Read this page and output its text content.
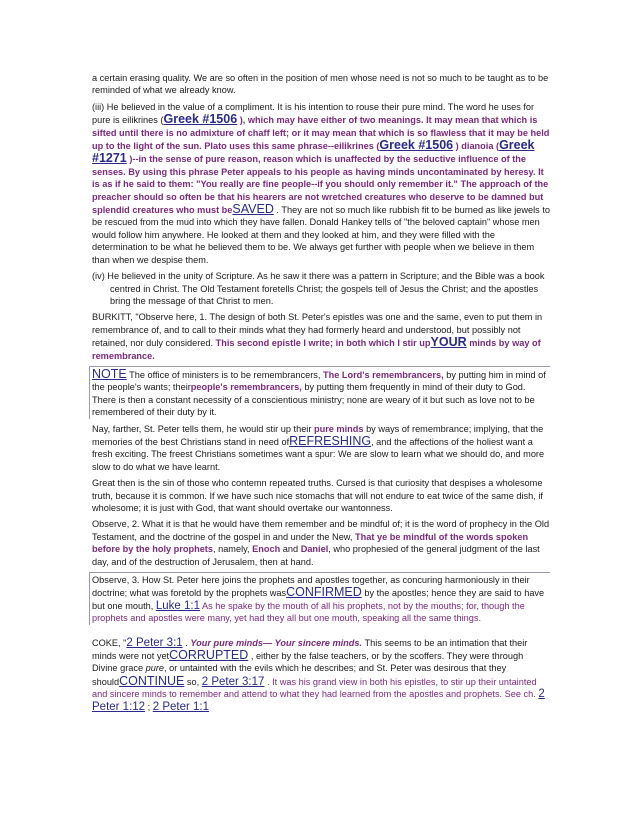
a certain erasing quality. We are so often in the position of men whose need is not so much to be taught as to be reminded of what we already know.

(iii) He believed in the value of a compliment. It is his intention to rouse their pure mind. The word he uses for pure is eilikrines (Greek #1506 ), which may have either of two meanings. It may mean that which is sifted until there is no admixture of chaff left; or it may mean that which is so flawless that it may be held up to the light of the sun. Plato uses this same phrase--eilikrines (Greek #1506 ) dianoia (Greek #1271 )--in the sense of pure reason, reason which is unaffected by the seductive influence of the senses. By using this phrase Peter appeals to his people as having minds uncontaminated by heresy. It is as if he said to them: "You really are fine people--if you should only remember it." The approach of the preacher should so often be that his hearers are not wretched creatures who deserve to be damned but splendid creatures who must beSAVED . They are not so much like rubbish fit to be burned as like jewels to be rescued from the mud into which they have fallen. Donald Hankey tells of "the beloved captain" whose men would follow him anywhere. He looked at them and they looked at him, and they were filled with the determination to be what he believed them to be. We always get further with people when we believe in them than when we despise them.

(iv) He believed in the unity of Scripture. As he saw it there was a pattern in Scripture; and the Bible was a book centred in Christ. The Old Testament foretells Christ; the gospels tell of Jesus the Christ; and the apostles bring the message of that Christ to men.

BURKITT, "Observe here, 1. The design of both St. Peter's epistles was one and the same, even to put them in remembrance of, and to call to their minds what they had formerly heard and understood, but possibly not retained, nor duly considered. This second epistle I write; in both which I stir upYOUR minds by way of remembrance.

NOTE The office of ministers is to be remembrancers, The Lord's remembrancers, by putting him in mind of the people's wants; theirpeople's remembrancers, by putting them frequently in mind of their duty to God. There is then a constant necessity of a conscientious ministry; none are weary of it but such as love not to be remembered of their duty by it.

Nay, farther, St. Peter tells them, he would stir up their pure minds by ways of remembrance; implying, that the memories of the best Christians stand in need ofREFRESHING, and the affections of the holiest want a fresh exciting. The freest Christians sometimes want a spur: We are slow to learn what we should do, and more slow to do what we have learnt.

Great then is the sin of those who contemn repeated truths. Cursed is that curiosity that despises a wholesome truth, because it is common. If we have such nice stomachs that will not endure to eat twice of the same dish, if wholesome; it is just with God, that want should overtake our wantonness.

Observe, 2. What it is that he would have them remember and be mindful of; it is the word of prophecy in the Old Testament, and the doctrine of the gospel in and under the New, That ye be mindful of the words spoken before by the holy prophets, namely, Enoch and Daniel, who prophesied of the general judgment of the last day, and of the destruction of Jerusalem, then at hand.

Observe, 3. How St. Peter here joins the prophets and apostles together, as concuring harmoniously in their doctrine; what was foretold by the prophets wasCONFIRMED by the apostles; hence they are said to have but one mouth, Luke 1:1 As he spake by the mouth of all his prophets, not by the mouths; for, though the prophets and apostles were many, yet had they all but one mouth, speaking all the same things.

COKE, "2 Peter 3:1 . Your pure minds— Your sincere minds. This seems to be an intimation that their minds were not yetCORRUPTED , either by the false teachers, or by the scoffers. They were through Divine grace pure, or untainted with the evils which he describes; and St. Peter was desirous that they shouldCONTINUE so, 2 Peter 3:17 . It was his grand view in both his epistles, to stir up their untainted and sincere minds to remember and attend to what they had learned from the apostles and prophets. See ch. 2 Peter 1:12 ; 2 Peter 1:1
